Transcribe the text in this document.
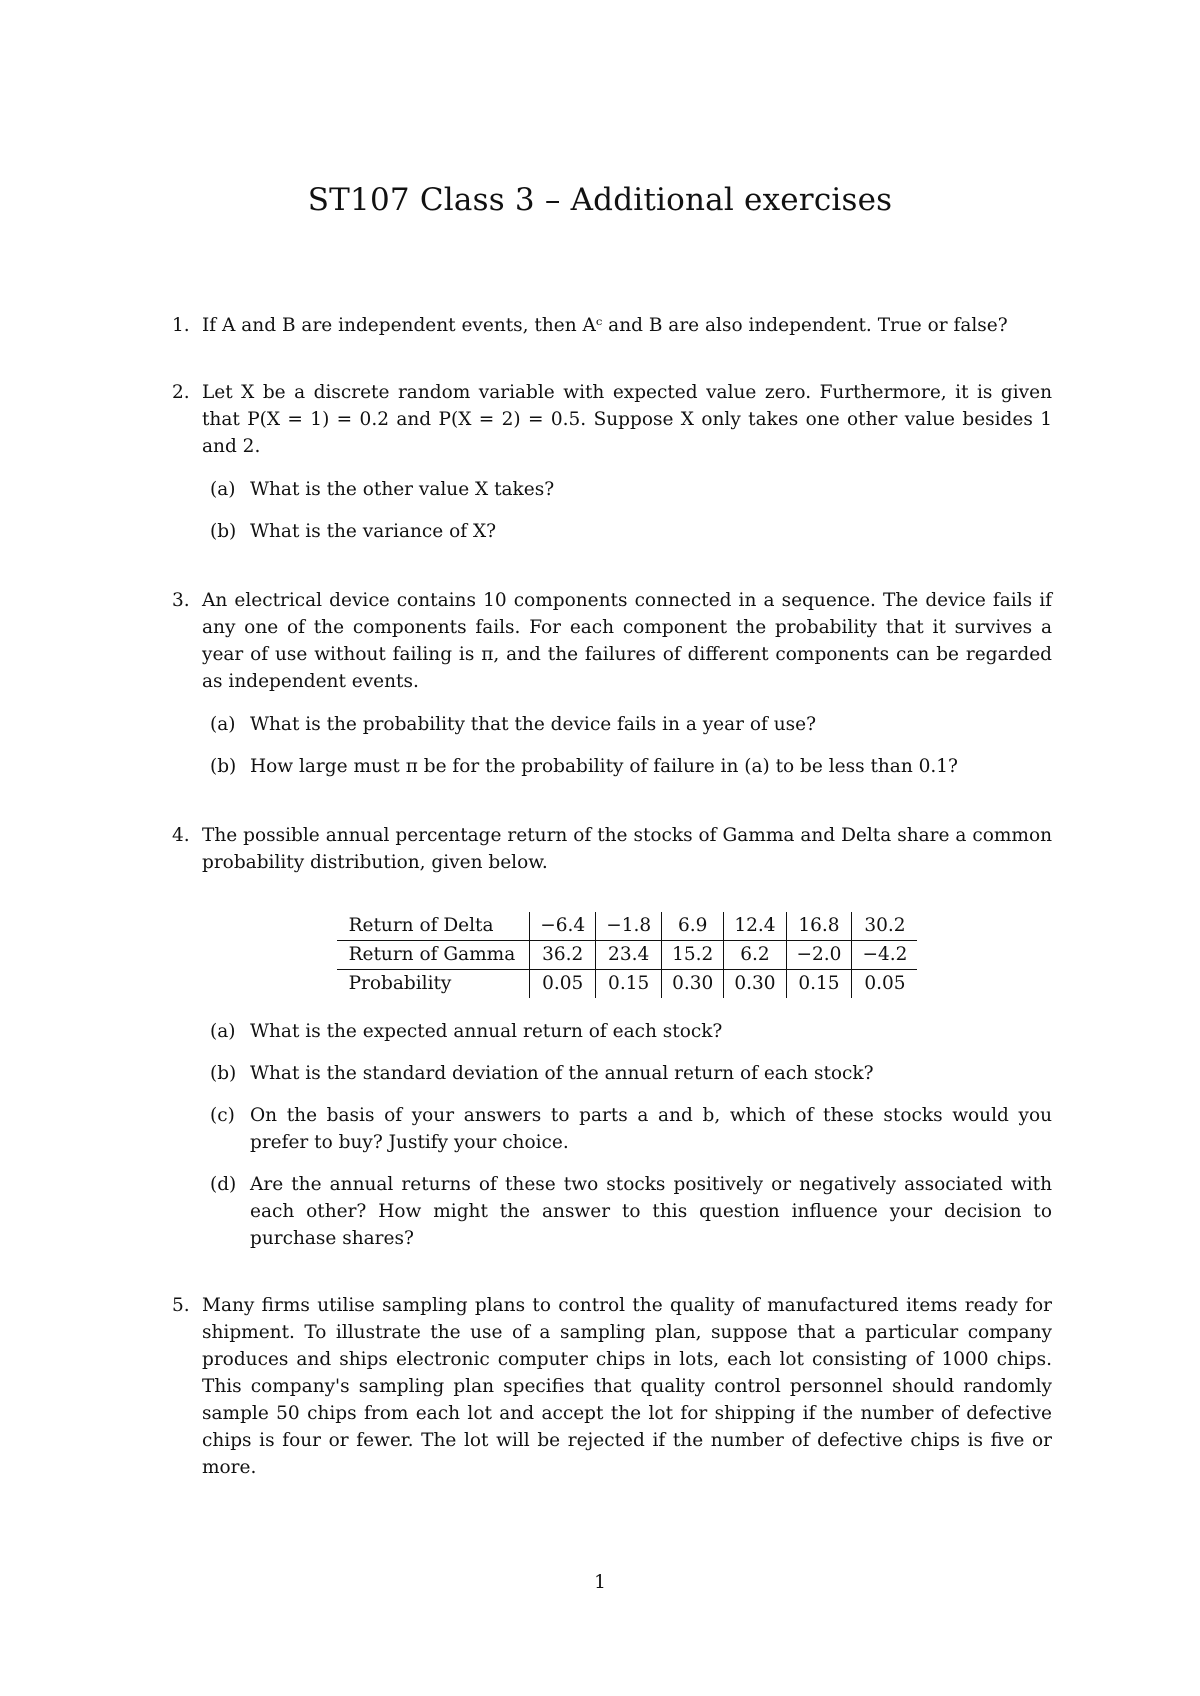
ST107 Class 3 – Additional exercises
1. If A and B are independent events, then Aᶜ and B are also independent. True or false?
2. Let X be a discrete random variable with expected value zero. Furthermore, it is given that P(X = 1) = 0.2 and P(X = 2) = 0.5. Suppose X only takes one other value besides 1 and 2.
(a) What is the other value X takes?
(b) What is the variance of X?
3. An electrical device contains 10 components connected in a sequence. The device fails if any one of the components fails. For each component the probability that it survives a year of use without failing is π, and the failures of different components can be regarded as independent events.
(a) What is the probability that the device fails in a year of use?
(b) How large must π be for the probability of failure in (a) to be less than 0.1?
4. The possible annual percentage return of the stocks of Gamma and Delta share a common probability distribution, given below.
Return of Delta	−6.4	−1.8	6.9	12.4	16.8	30.2
Return of Gamma	36.2	23.4	15.2	6.2	−2.0	−4.2
Probability	0.05	0.15	0.30	0.30	0.15	0.05
(a) What is the expected annual return of each stock?
(b) What is the standard deviation of the annual return of each stock?
(c) On the basis of your answers to parts a and b, which of these stocks would you prefer to buy? Justify your choice.
(d) Are the annual returns of these two stocks positively or negatively associated with each other? How might the answer to this question influence your decision to purchase shares?
5. Many firms utilise sampling plans to control the quality of manufactured items ready for shipment. To illustrate the use of a sampling plan, suppose that a particular company produces and ships electronic computer chips in lots, each lot consisting of 1000 chips. This company's sampling plan specifies that quality control personnel should randomly sample 50 chips from each lot and accept the lot for shipping if the number of defective chips is four or fewer. The lot will be rejected if the number of defective chips is five or more.
1
